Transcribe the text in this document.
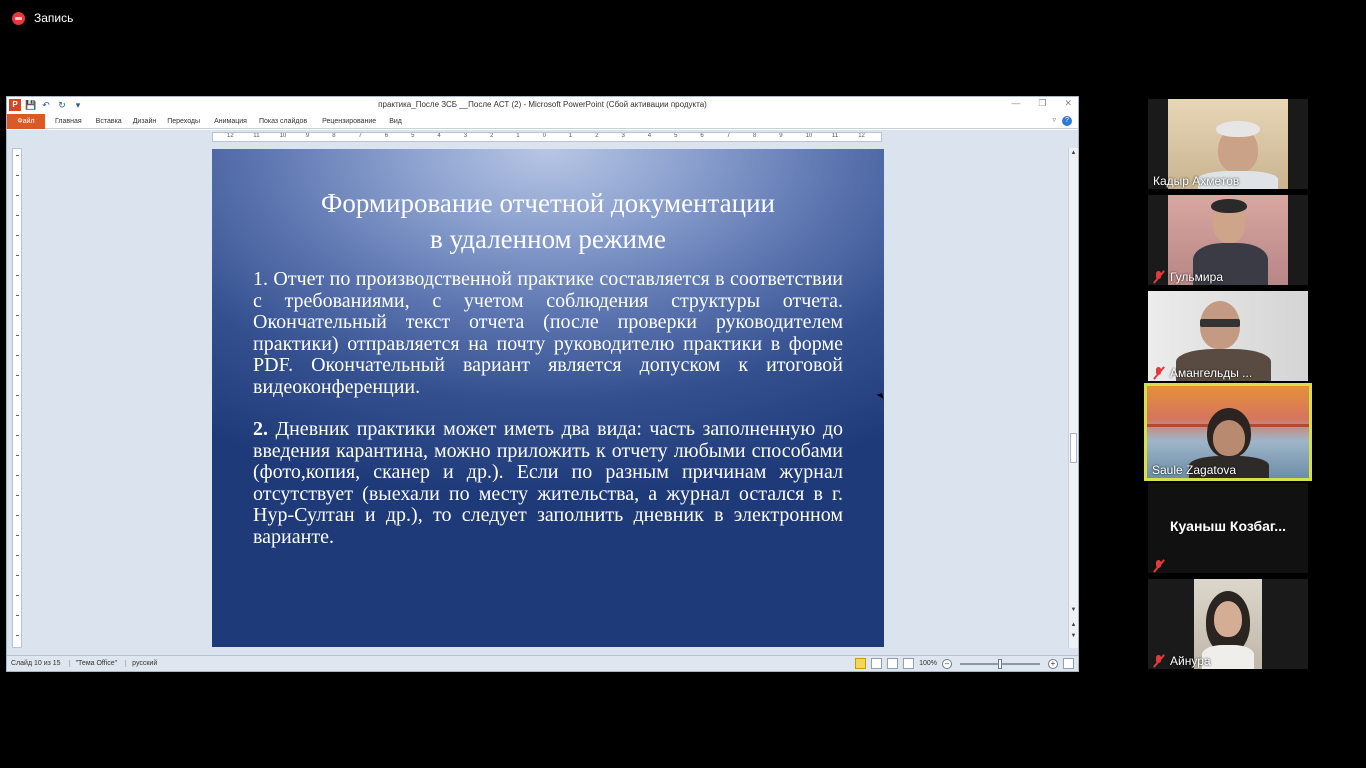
Запись
P 💾 ↶ ↻	▾	практика_После ЗСБ __После АСТ (2) - Microsoft PowerPoint (Сбой активации продукта)	— ❐ ✕
Файл	Главная Вставка Дизайн Переходы Анимация Показ слайдов Рецензирование Вид	▿	?
12	11	10	9	8	7	6	5	4	3	2	1	0	1	2	3	4	5	6	7	8	9	10	11	12
Формирование отчетной документации
в удаленном режиме

1. Отчет по производственной практике составляется в соответствии с требованиями, с учетом соблюдения структуры отчета. Окончательный текст отчета (после проверки руководителем практики) отправляется на почту руководителю практики в форме PDF. Окончательный вариант является допуском к итоговой видеоконференции.

2. Дневник практики может иметь два вида: часть заполненную до введения карантина, можно приложить к отчету любыми способами (фото,копия, сканер и др.). Если по разным причинам журнал отсутствует (выехали по месту жительства, а журнал остался в г. Нур-Султан и др.), то следует заполнить дневник в электронном варианте.

▲
▼
▲
▼
Слайд 10 из 15	"Тема Office"	русский	100% –	+
Кадыр Ахметов
Гульмира
Амангельды ...
Saule Zagatova
Куаныш Козбаг...
Айнура
